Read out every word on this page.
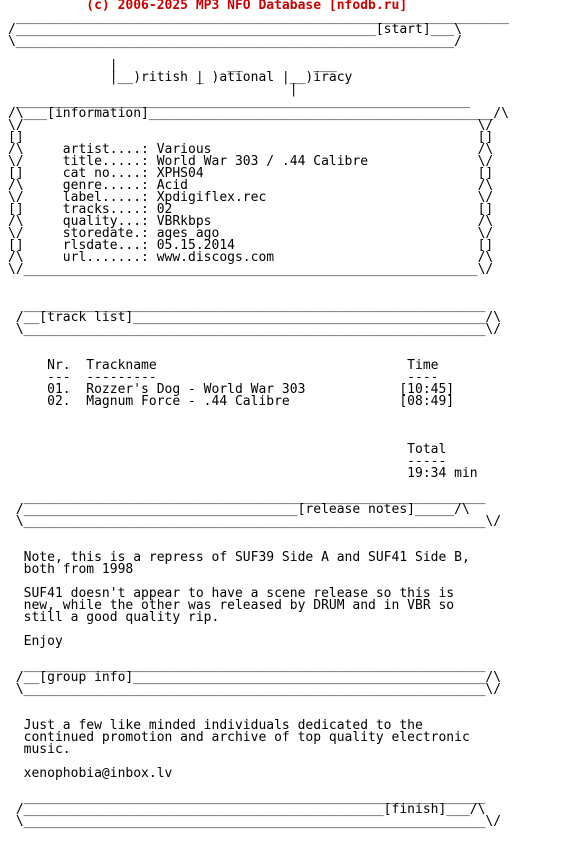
(c) 2006-2025 MP3 NFO Database [nfodb.ru]
_______________________________________________________________
/______________________________________________[start]___\
\________________________________________________________/
|              __         ___
|__)ritish | )ational |__)iracy
‾           |
__________________________________________________________
/\___[information]____________________________________________/\
\/                                                          \/
[]                                                          []
/\     artist....: Various                                  /\
\/     title.....: World War 303 / .44 Calibre              \/
[]     cat no....: XPHS04                                   []
/\     genre.....: Acid                                     /\
\/     label.....: Xpdigiflex.rec                           \/
[]     tracks....: 02                                       []
/\     quality...: VBRkbps                                  /\
\/     storedate.: ages ago                                 \/
[]     rlsdate...: 05.15.2014                               []
/\     url.......: www.discogs.com                          /\
\/__________________________________________________________\/
___________________________________________________________
/__[track list]_____________________________________________/\
\___________________________________________________________\/
Nr.  Trackname                                Time
---  ---------                                ----
01.  Rozzer's Dog - World War 303            [10:45]
02.  Magnum Force - .44 Calibre              [08:49]
Total
-----
19:34 min
___________________________________________________________
/___________________________________[release notes]_____/\
\___________________________________________________________\/
Note, this is a repress of SUF39 Side A and SUF41 Side B,
both from 1998
SUF41 doesn't appear to have a scene release so this is
new, while the other was released by DRUM and in VBR so
still a good quality rip.
Enjoy
___________________________________________________________
/__[group info]_____________________________________________/\
\___________________________________________________________\/
Just a few like minded individuals dedicated to the
continued promotion and archive of top quality electronic
music.
xenophobia@inbox.lv
___________________________________________________________
/______________________________________________[finish]___/\
\___________________________________________________________\/
